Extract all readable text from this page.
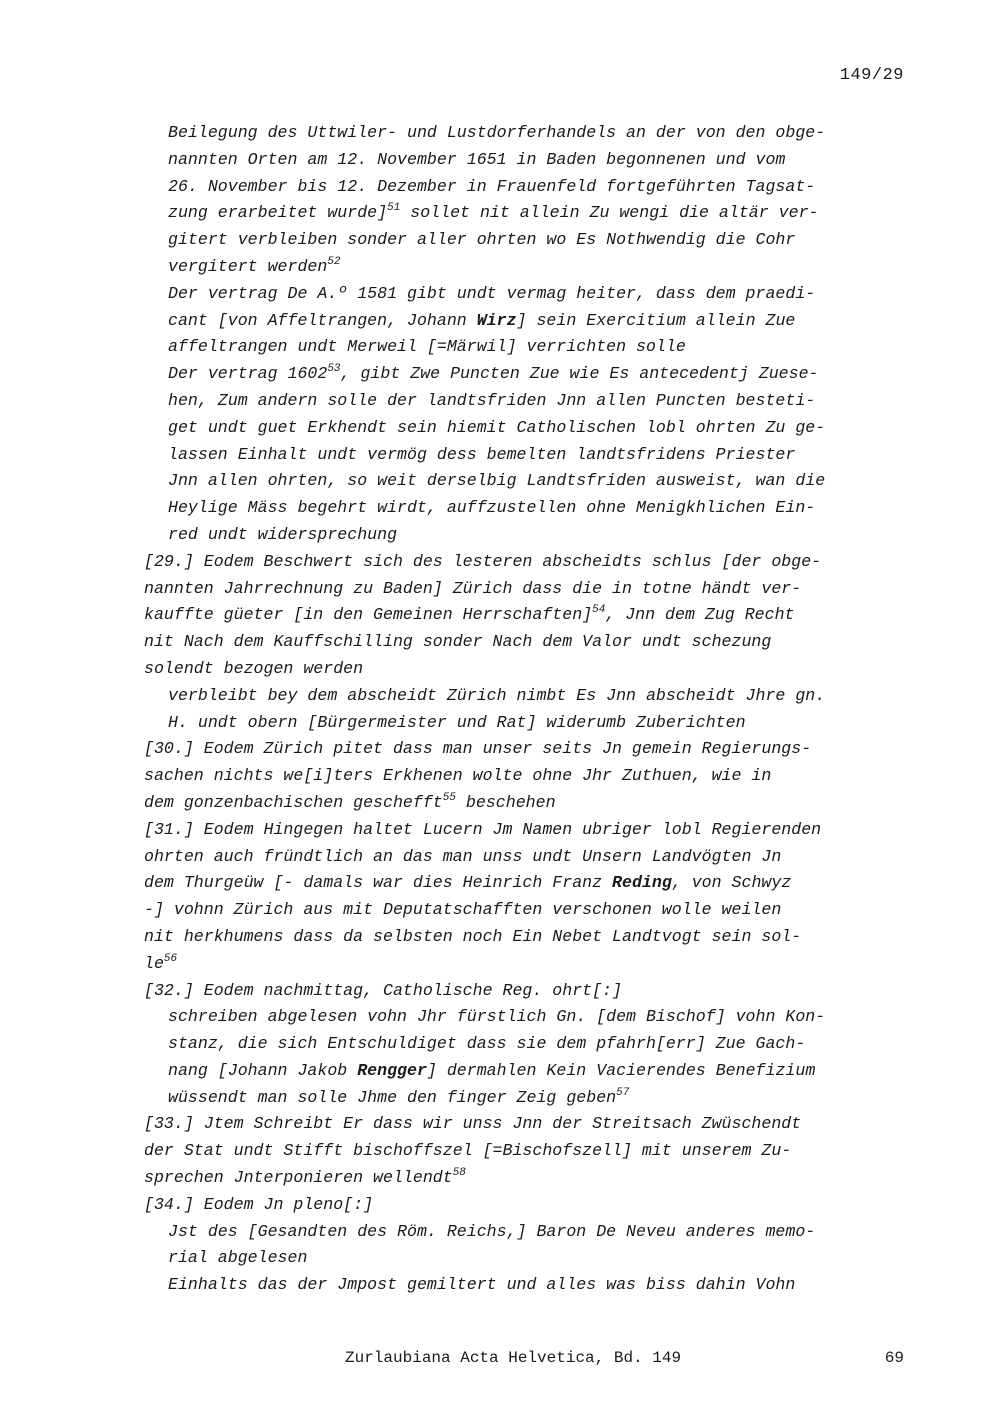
149/29
Beilegung des Uttwiler- und Lustdorferhandels an der von den obge-
nannten Orten am 12. November 1651 in Baden begonnenen und vom
26. November bis 12. Dezember in Frauenfeld fortgeführten Tagsat-
zung erarbeitet wurde]$^{51}$ sollet nit allein Zu wengi die altär ver-
gitert verbleiben sonder aller ohrten wo Es Nothwendig die Cohr
vergitert werden$^{52}$
Der vertrag De A.º 1581 gibt undt vermag heiter, dass dem praedi-
cant [von Affeltrangen, Johann Wirz] sein Exercitium allein Zue
affeltrangen undt Merweil [=Märwil] verrichten solle
Der vertrag 1602$^{53}$, gibt Zwe Puncten Zue wie Es antecedentj Zuese-
hen, Zum andern solle der landtsfriden Jnn allen Puncten besteti-
get undt guet Erkhendt sein hiemit Catholischen lobl ohrten Zu ge-
lassen Einhalt undt vermög dess bemelten landtsfridens Priester
Jnn allen ohrten, so weit derselbig Landtsfriden ausweist, wan die
Heylige Mäss begehrt wirdt, auffzustellen ohne Menigkhlichen Ein-
red undt widersprechung
[29.] Eodem Beschwert sich des lesteren abscheidts schlus [der obge-
nannten Jahrrechnung zu Baden] Zürich dass die in totne händt ver-
kauffte güeter [in den Gemeinen Herrschaften]$^{54}$, Jnn dem Zug Recht
nit Nach dem Kauffschilling sonder Nach dem Valor undt schezung
solendt bezogen werden
verbleibt bey dem abscheidt Zürich nimbt Es Jnn abscheidt Jhre gn.
H. undt obern [Bürgermeister und Rat] widerumb Zuberichten
[30.] Eodem Zürich pitet dass man unser seits Jn gemein Regierungs-
sachen nichts we[i]ters Erkhenen wolte ohne Jhr Zuthuen, wie in
dem gonzenbachischen geschefft$^{55}$ beschehen
[31.] Eodem Hingegen haltet Lucern Jm Namen ubriger lobl Regierenden
ohrten auch fründtlich an das man unss undt Unsern Landvögten Jn
dem Thurgeüw [- damals war dies Heinrich Franz Reding, von Schwyz
-] vohnn Zürich aus mit Deputatschafften verschonen wolle weilen
nit herkhumens dass da selbsten noch Ein Nebet Landtvogt sein sol-
$le^{56}$
[32.] Eodem nachmittag, Catholische Reg. ohrt[:]
schreiben abgelesen vohn Jhr fürstlich Gn. [dem Bischof] vohn Kon-
stanz, die sich Entschuldiget dass sie dem pfahrh[err] Zue Gach-
nang [Johann Jakob Rengger] dermahlen Kein Vacierendes Benefizium
wüssendt man solle Jhme den finger Zeig geben$^{57}$
[33.] Jtem Schreibt Er dass wir unss Jnn der Streitsach Zwüschendt
der Stat undt Stifft bischoffszel [=Bischofszell] mit unserem Zu-
sprechen Jnterponieren wellendt$^{58}$
[34.] Eodem Jn pleno[:]
Jst des [Gesandten des Röm. Reichs,] Baron De Neveu anderes memo-
rial abgelesen
Einhalts das der Jmpost gemiltert und alles was biss dahin Vohn
Zurlaubiana Acta Helvetica, Bd. 149	69
